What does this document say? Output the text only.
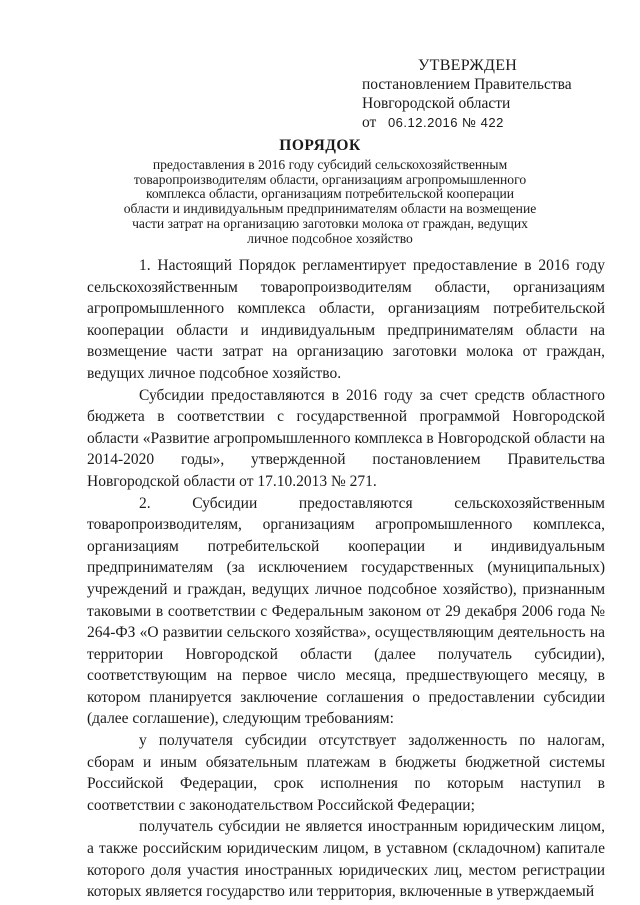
УТВЕРЖДЕН
постановлением Правительства
Новгородской области
от 06.12.2016 № 422
ПОРЯДОК
предоставления в 2016 году субсидий сельскохозяйственным
товаропроизводителям области, организациям агропромышленного
комплекса области, организациям потребительской кооперации
области и индивидуальным предпринимателям области на возмещение
части затрат на организацию заготовки молока от граждан, ведущих
личное подсобное хозяйство

1. Настоящий Порядок регламентирует предоставление в 2016 году сельскохозяйственным товаропроизводителям области, организациям агропромышленного комплекса области, организациям потребительской кооперации области и индивидуальным предпринимателям области на возмещение части затрат на организацию заготовки молока от граждан, ведущих личное подсобное хозяйство.

Субсидии предоставляются в 2016 году за счет средств областного бюджета в соответствии с государственной программой Новгородской области «Развитие агропромышленного комплекса в Новгородской области на 2014-2020 годы», утвержденной постановлением Правительства Новгородской области от 17.10.2013 № 271.

2. Субсидии предоставляются сельскохозяйственным товаропроизводителям, организациям агропромышленного комплекса, организациям потребительской кооперации и индивидуальным предпринимателям (за исключением государственных (муниципальных) учреждений и граждан, ведущих личное подсобное хозяйство), признанным таковыми в соответствии с Федеральным законом от 29 декабря 2006 года № 264-ФЗ «О развитии сельского хозяйства», осуществляющим деятельность на территории Новгородской области (далее получатель субсидии), соответствующим на первое число месяца, предшествующего месяцу, в котором планируется заключение соглашения о предоставлении субсидии (далее соглашение), следующим требованиям:

у получателя субсидии отсутствует задолженность по налогам, сборам и иным обязательным платежам в бюджеты бюджетной системы Российской Федерации, срок исполнения по которым наступил в соответствии с законодательством Российской Федерации;

получатель субсидии не является иностранным юридическим лицом, а также российским юридическим лицом, в уставном (складочном) капитале которого доля участия иностранных юридических лиц, местом регистрации которых является государство или территория, включенные в утверждаемый
